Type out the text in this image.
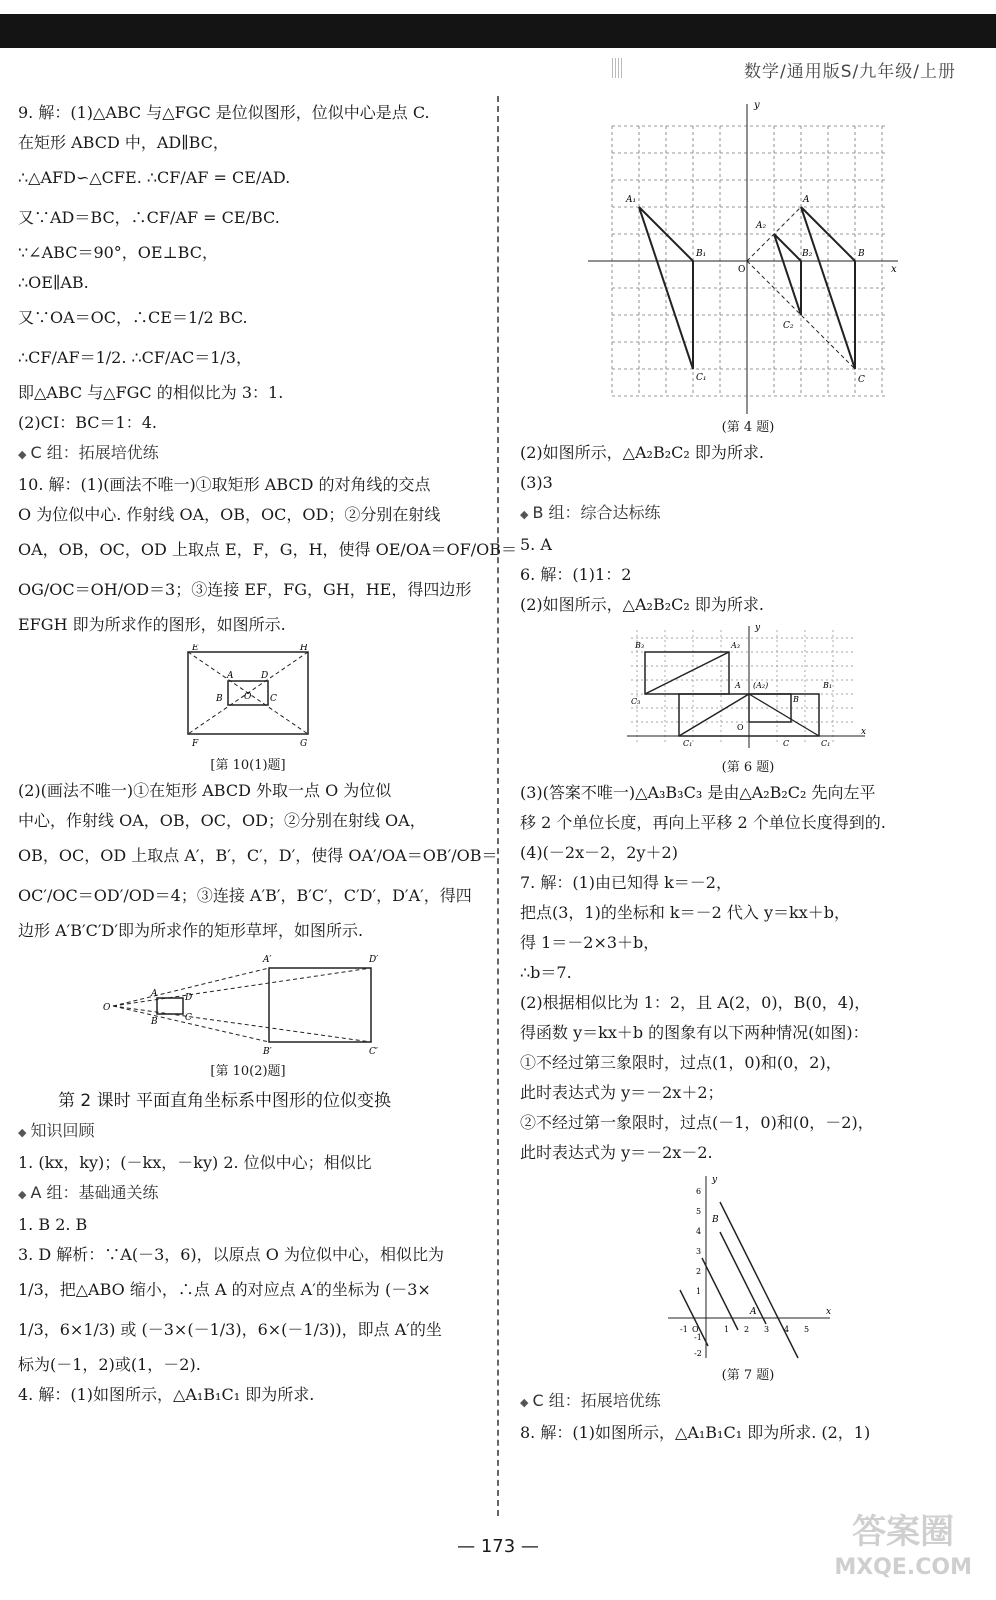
数学/通用版S/九年级/上册
9. 解：(1)△ABC 与△FGC 是位似图形，位似中心是点 C.
在矩形 ABCD 中，AD∥BC，
∴△AFD∽△CFE. ∴CF/AF = CE/AD.
又∵AD＝BC，∴CF/AF = CE/BC.
∵∠ABC＝90°，OE⊥BC，
∴OE∥AB.
又∵OA＝OC，∴CE＝1/2 BC.
∴CF/AF＝1/2. ∴CF/AC＝1/3，
即△ABC 与△FGC 的相似比为 3：1.
(2)CI：BC＝1：4.
◆ C 组：拓展培优练
10. 解：(1)(画法不唯一)①取矩形 ABCD 的对角线的交点
O 为位似中心. 作射线 OA，OB，OC，OD；②分别在射线
OA，OB，OC，OD 上取点 E，F，G，H，使得 OE/OA＝OF/OB＝
OG/OC＝OH/OD＝3；③连接 EF，FG，GH，HE，得四边形
EFGH 即为所求作的图形，如图所示.
E	H
F	G
A	D
B	C
O
[第 10(1)题]
(2)(画法不唯一)①在矩形 ABCD 外取一点 O 为位似
中心，作射线 OA，OB，OC，OD；②分别在射线 OA，
OB，OC，OD 上取点 A′，B′，C′，D′，使得 OA′/OA＝OB′/OB＝
OC′/OC＝OD′/OD＝4；③连接 A′B′，B′C′，C′D′，D′A′，得四
边形 A′B′C′D′即为所求作的矩形草坪，如图所示.
O
A	D
B	C
A′	D′
B′	C′
[第 10(2)题]
第 2 课时 平面直角坐标系中图形的位似变换
◆ 知识回顾
1. (kx，ky)；(－kx，－ky) 2. 位似中心；相似比
◆ A 组：基础通关练
1. B 2. B
3. D 解析：∵A(－3，6)，以原点 O 为位似中心，相似比为
1/3，把△ABO 缩小，∴点 A 的对应点 A′的坐标为 (－3×
1/3，6×1/3) 或 (－3×(－1/3)，6×(－1/3))，即点 A′的坐
标为(－1，2)或(1，－2).
4. 解：(1)如图所示，△A₁B₁C₁ 即为所求.
y
x
O
A₁
B₁
C₁
A
B
C
A₂
B₂
C₂
(第 4 题)
(2)如图所示，△A₂B₂C₂ 即为所求.
(3)3
◆ B 组：综合达标练
5. A
6. 解：(1)1：2
(2)如图所示，△A₂B₂C₂ 即为所求.
y
x
O
B₃	A₃
C₃
A (A₂)	B₁
B
C₁	C	C₁
(第 6 题)
(3)(答案不唯一)△A₃B₃C₃ 是由△A₂B₂C₂ 先向左平
移 2 个单位长度，再向上平移 2 个单位长度得到的.
(4)(－2x－2，2y＋2)
7. 解：(1)由已知得 k＝－2，
把点(3，1)的坐标和 k＝－2 代入 y＝kx＋b，
得 1＝－2×3＋b，
∴b＝7.
(2)根据相似比为 1：2，且 A(2，0)，B(0，4)，
得函数 y＝kx＋b 的图象有以下两种情况(如图)：
①不经过第三象限时，过点(1，0)和(0，2)，
此时表达式为 y＝－2x＋2；
②不经过第一象限时，过点(－1，0)和(0，－2)，
此时表达式为 y＝－2x－2.
y
x
6
5
4
3
2
1
O
-1	1 2 3 4 5
-1
-2
B
A
(第 7 题)
◆ C 组：拓展培优练
8. 解：(1)如图所示，△A₁B₁C₁ 即为所求. (2，1)
— 173 —	答案圈
MXQE.COM
